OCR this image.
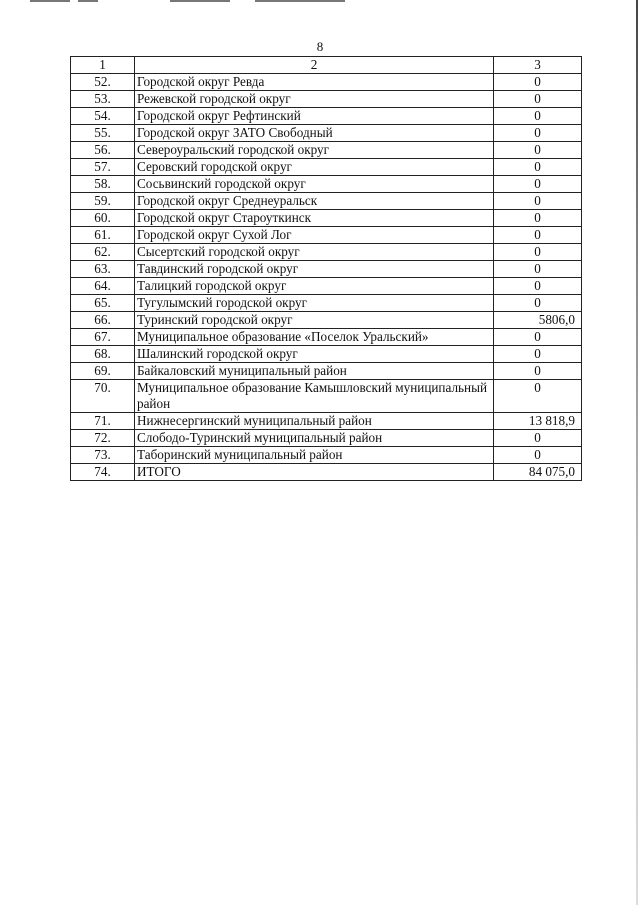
8
1	2	3
52.	Городской округ Ревда	0
53.	Режевской городской округ	0
54.	Городской округ Рефтинский	0
55.	Городской округ ЗАТО Свободный	0
56.	Североуральский городской округ	0
57.	Серовский городской округ	0
58.	Сосьвинский городской округ	0
59.	Городской округ Среднеуральск	0
60.	Городской округ Староуткинск	0
61.	Городской округ Сухой Лог	0
62.	Сысертский городской округ	0
63.	Тавдинский городской округ	0
64.	Талицкий городской округ	0
65.	Тугулымский городской округ	0
66.	Туринский городской округ	5806,0
67.	Муниципальное образование «Поселок Уральский»	0
68.	Шалинский городской округ	0
69.	Байкаловский муниципальный район	0
70.	Муниципальное образование Камышловский муниципальный район	0
71.	Нижнесергинский муниципальный район	13 818,9
72.	Слободо-Туринский муниципальный район	0
73.	Таборинский муниципальный район	0
74.	ИТОГО	84 075,0
